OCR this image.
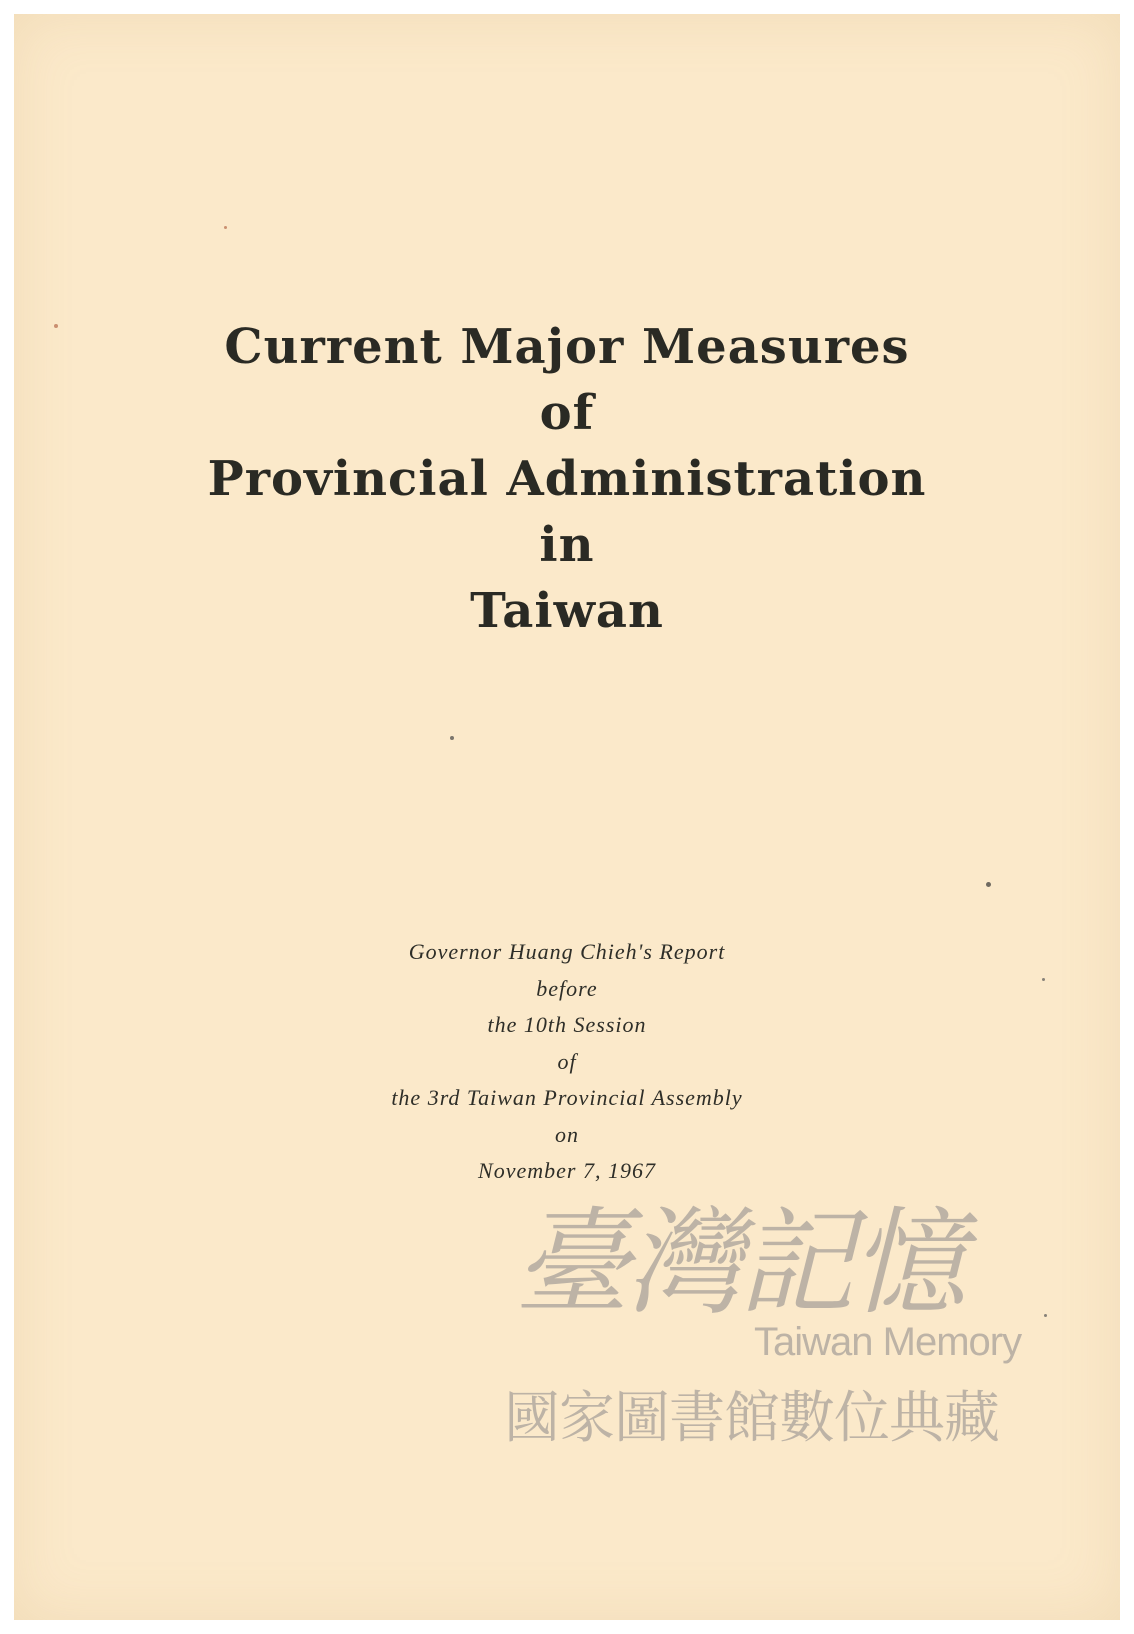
Current Major Measures
of
Provincial Administration
in
Taiwan
Governor Huang Chieh's Report
before
the 10th Session
of
the 3rd Taiwan Provincial Assembly
on
November 7, 1967
臺灣記憶
Taiwan Memory
國家圖書館數位典藏
